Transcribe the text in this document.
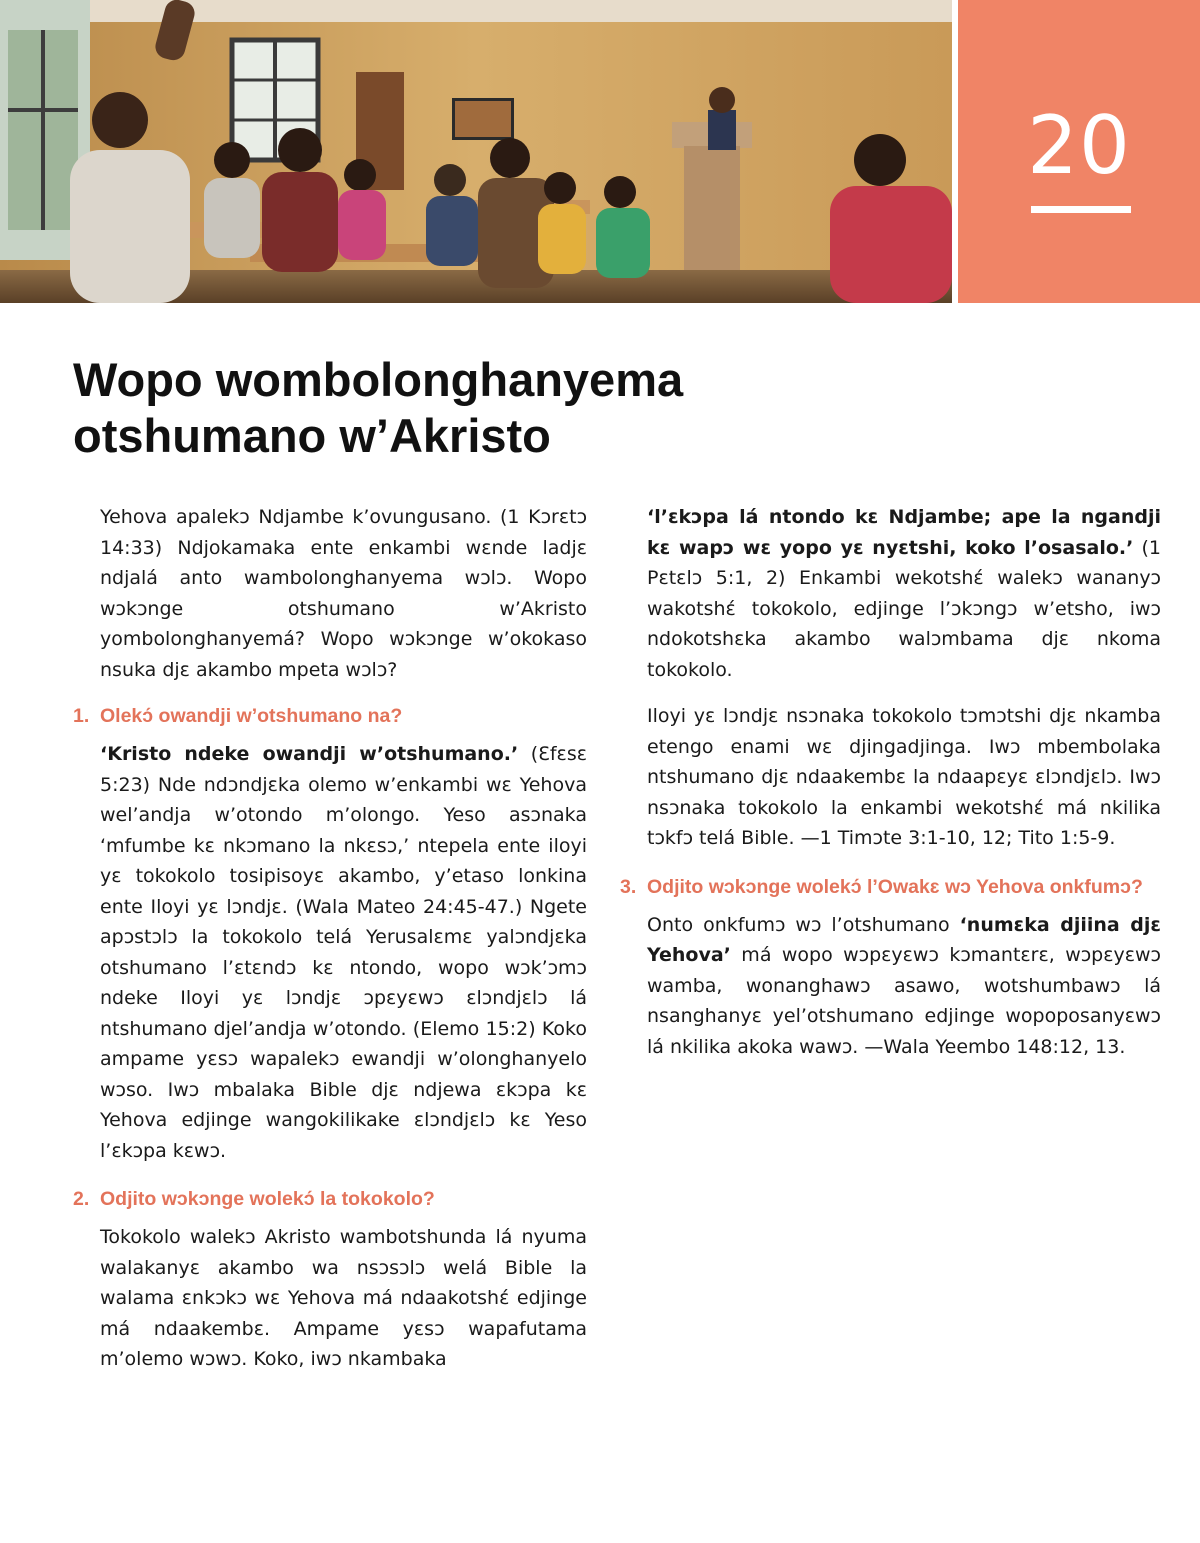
20
Wopo wombolonghanyema otshumano w’Akristo

Yehova apalekɔ Ndjambe k’ovungusano. (1 Kɔrɛtɔ 14:33) Ndjokamaka ente enkambi wɛnde ladjɛ ndjalá anto wambolonghanyema wɔlɔ. Wopo wɔkɔnge otshumano w’Akristo yombolonghanyemá? Wopo wɔkɔnge w’okokaso nsuka djɛ akambo mpeta wɔlɔ?

1. Olekɔ́ owandji w’otshumano na?

‘Kristo ndeke owandji w’otshumano.’ (Ɛfɛsɛ 5:23) Nde ndɔndjɛka olemo w’enkambi wɛ Yehova wel’andja w’otondo m’olongo. Yeso asɔnaka ‘mfumbe kɛ nkɔmano la nkɛsɔ,’ ntepela ente iloyi yɛ tokokolo tosipisoyɛ akambo, y’etaso lonkina ente Iloyi yɛ lɔndjɛ. (Wala Mateo 24:45-47.) Ngete apɔstɔlɔ la tokokolo telá Yerusalɛmɛ yalɔndjɛka otshumano l’ɛtɛndɔ kɛ ntondo, wopo wɔk’ɔmɔ ndeke Iloyi yɛ lɔndjɛ ɔpɛyɛwɔ ɛlɔndjɛlɔ lá ntshumano djel’andja w’otondo. (Elemo 15:2) Koko ampame yɛsɔ wapalekɔ ewandji w’olonghanyelo wɔso. Iwɔ mbalaka Bible djɛ ndjewa ɛkɔpa kɛ Yehova edjinge wangokilikake ɛlɔndjɛlɔ kɛ Yeso l’ɛkɔpa kɛwɔ.

2. Odjito wɔkɔnge wolekɔ́ la tokokolo?

Tokokolo walekɔ Akristo wambotshunda lá nyuma walakanyɛ akambo wa nsɔsɔlɔ welá Bible la walama ɛnkɔkɔ wɛ Yehova má ndaakotshɛ́ edjinge má ndaakembɛ. Ampame yɛsɔ wapafutama m’olemo wɔwɔ. Koko, iwɔ nkambaka

‘l’ɛkɔpa lá ntondo kɛ Ndjambe; ape la ngandji kɛ wapɔ wɛ yopo yɛ nyɛtshi, koko l’osasalo.’ (1 Pɛtɛlɔ 5:1, 2) Enkambi wekotshɛ́ walekɔ wananyɔ wakotshɛ́ tokokolo, edjinge l’ɔkɔngɔ w’etsho, iwɔ ndokotshɛka akambo walɔmbama djɛ nkoma tokokolo.

Iloyi yɛ lɔndjɛ nsɔnaka tokokolo tɔmɔtshi djɛ nkamba etengo enami wɛ djingadjinga. Iwɔ mbembolaka ntshumano djɛ ndaakembɛ la ndaapɛyɛ ɛlɔndjɛlɔ. Iwɔ nsɔnaka tokokolo la enkambi wekotshɛ́ má nkilika tɔkfɔ telá Bible. —1 Timɔte 3:1-10, 12; Tito 1:5-9.

3. Odjito wɔkɔnge wolekɔ́ l’Owakɛ wɔ Yehova onkfumɔ?

Onto onkfumɔ wɔ l’otshumano ‘numɛka djiina djɛ Yehova’ má wopo wɔpɛyɛwɔ kɔmantɛrɛ, wɔpɛyɛwɔ wamba, wonanghawɔ asawo, wotshumbawɔ lá nsanghanyɛ yel’otshumano edjinge wopoposanyɛwɔ lá nkilika akoka wawɔ. —Wala Yeembo 148:12, 13.
